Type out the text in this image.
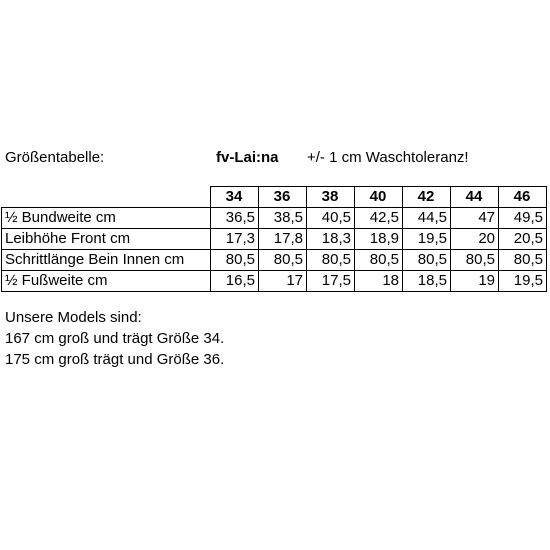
Größentabelle:	fv-Lai:na +/- 1 cm Waschtoleranz!
	34	36	38	40	42	44	46
½ Bundweite cm	36,5	38,5	40,5	42,5	44,5	47	49,5
Leibhöhe Front cm	17,3	17,8	18,3	18,9	19,5	20	20,5
Schrittlänge Bein Innen cm	80,5	80,5	80,5	80,5	80,5	80,5	80,5
½ Fußweite cm	16,5	17	17,5	18	18,5	19	19,5
Unsere Models sind:
167 cm groß und trägt Größe 34.
175 cm groß trägt und Größe 36.
